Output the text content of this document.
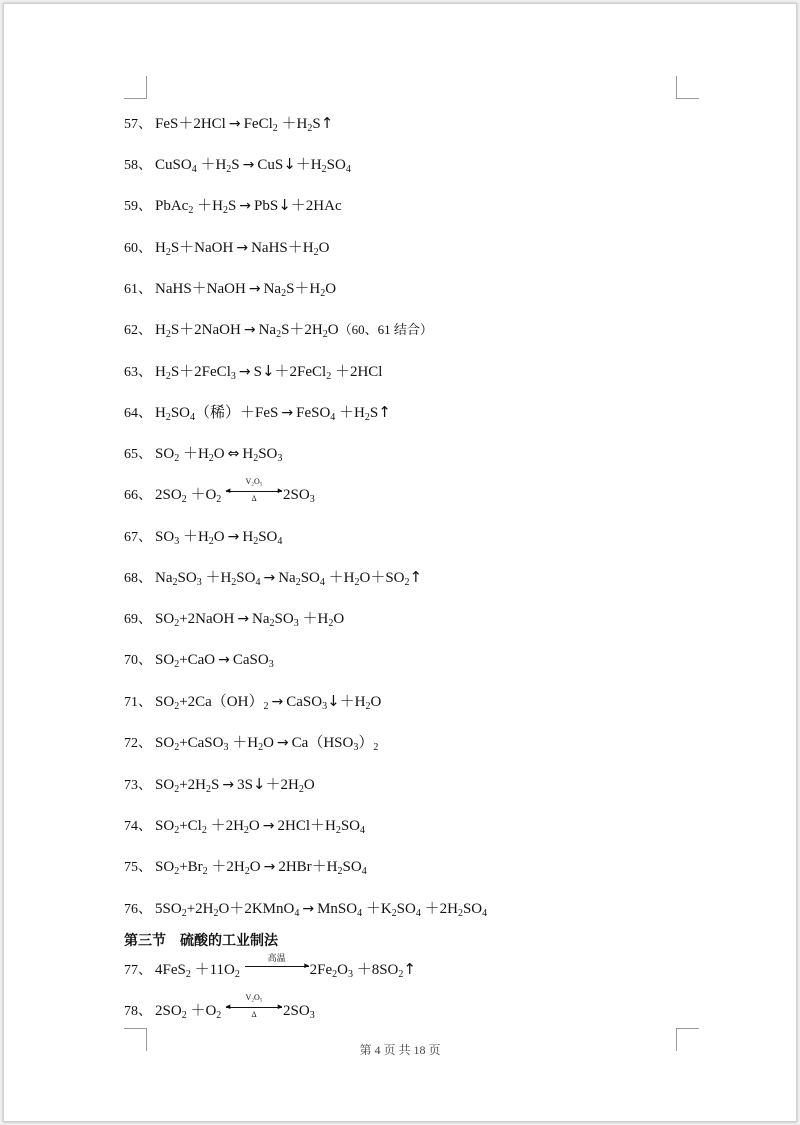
57、 FeS＋2HCl → FeCl$_2$ $+H_2S↑$
58、 CuSO$_4$ $+H_2S$ → $CuS↓+H_2SO_4$
59、 PbAc$_2$ $+H_2S$ → PbS↓＋2HAc
60、 $H_2S+NaOH$ → $NaHS+H_2O$
61、 NaHS＋NaOH → $Na_2S+H_2O$
62、 $H_2S+2NaOH \to Na_2S+2H_2O(60$、61 结合）
63、 $H_2S+2FeCl_3$ → S↓＋2FeCl$_2$ ＋2HCl
64、 $H_2SO_4$（稀）＋FeS → FeSO$_4$ $+H_2S↑$
65、 $SO_2 +H_2O$ ⇔ $H_2SO_3$
66、 $2SO_2 +O_2$
V₂O₅
◄	►
Δ	$2SO_3$
67、 $SO_3 +H_2O \to H_2SO_4$
68、 $Na_2SO_3 +H_2SO_4 \to Na_2SO_4$ $+H_2O+SO_2↑$
69、 $SO_2+2NaOH \to Na_2SO_3 +H_2O$
70、 $SO_2+CaO$ → CaSO$_3$
71、 $SO_2+2Ca(OH)_2$ → $CaSO_3↓+H_2O$
72、 $SO_2+CaSO_3 +H_2O \to Ca(HSO_3)_2$
73、 $SO_2+2H_2S$ → $3S↓+2H_2O$
74、 $SO_2+Cl_2 +2H_2O \to 2HCl+H_2SO_4$
75、 $SO_2+Br_2 +2H_2O \to 2HBr+H_2SO_4$
76、 $5SO_2+2H_2O+2KMnO_4$ → MnSO$_4$ $+K_2SO_4 +2H_2SO_4$
第三节　硫酸的工业制法
77、 $4FeS_2 +11O_2$
高温
► $2Fe_2O_3$ $+8SO_2↑$
78、 $2SO_2 +O_2$
V₂O₅
◄	►
Δ	$2SO_3$
第 4 页 共 18 页
